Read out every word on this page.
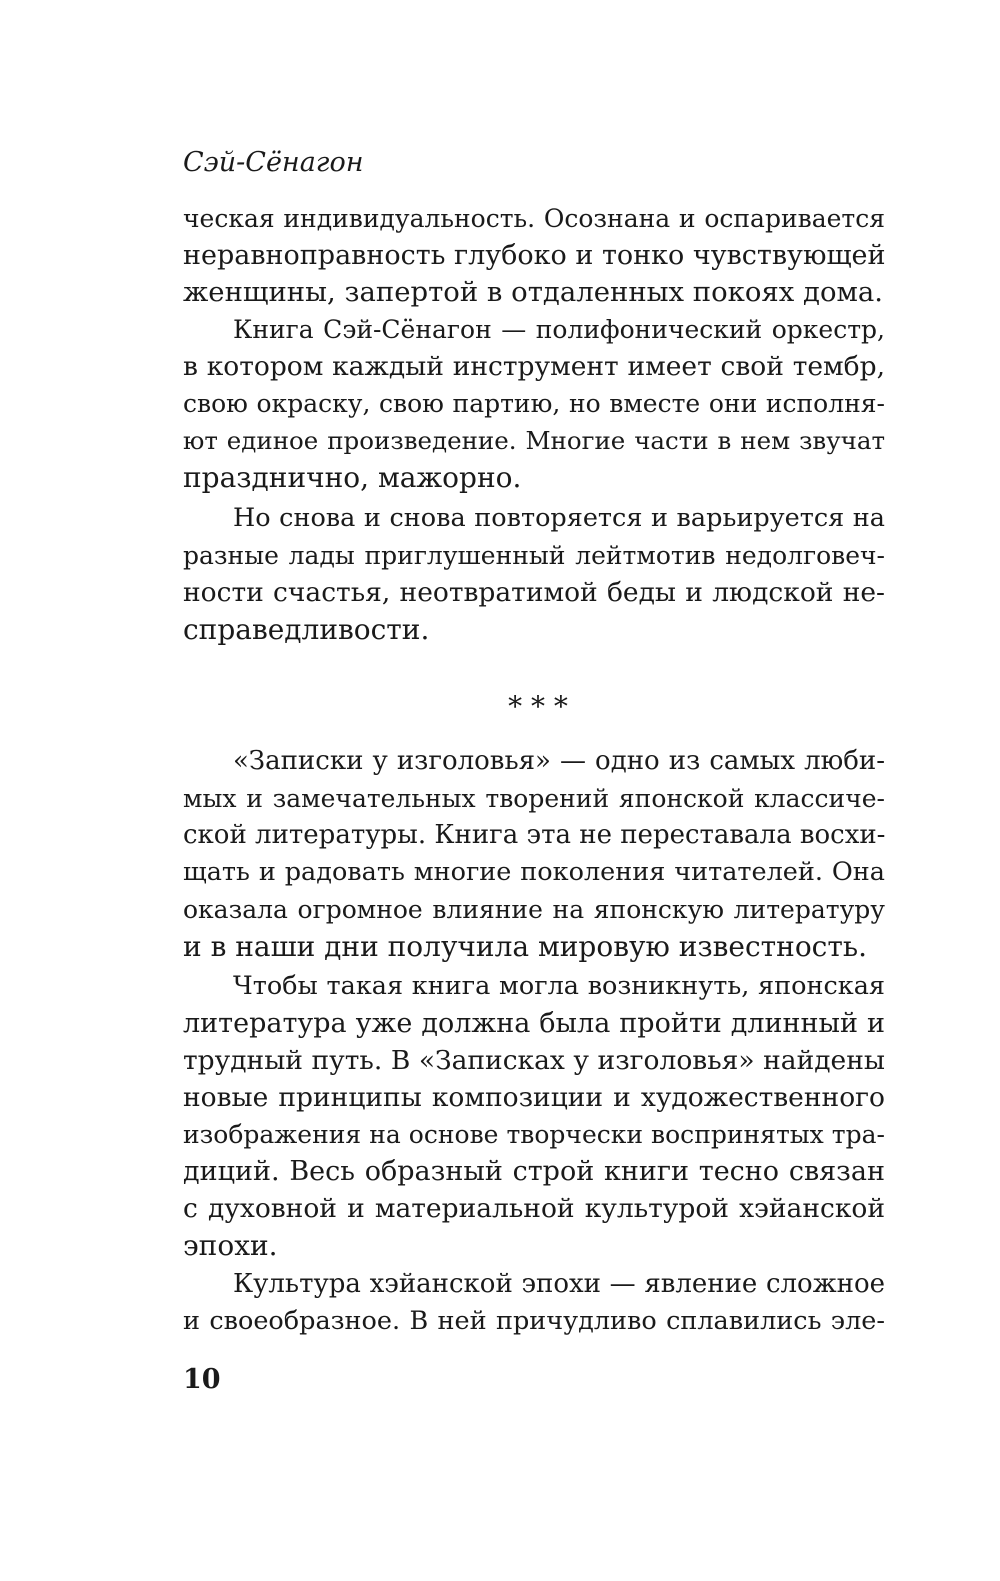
Сэй-Сёнагон
ческая индивидуальность. Осознана и оспаривается
неравноправность глубоко и тонко чувствующей
женщины, запертой в отдаленных покоях дома.
Книга Сэй-Сёнагон — полифонический оркестр,
в котором каждый инструмент имеет свой тембр,
свою окраску, свою партию, но вместе они исполня-
ют единое произведение. Многие части в нем звучат
празднично, мажорно.
Но снова и снова повторяется и варьируется на
разные лады приглушенный лейтмотив недолговеч-
ности счастья, неотвратимой беды и людской не-
справедливости.
* * *
«Записки у изголовья» — одно из самых люби-
мых и замечательных творений японской классиче-
ской литературы. Книга эта не переставала восхи-
щать и радовать многие поколения читателей. Она
оказала огромное влияние на японскую литературу
и в наши дни получила мировую известность.
Чтобы такая книга могла возникнуть, японская
литература уже должна была пройти длинный и
трудный путь. В «Записках у изголовья» найдены
новые принципы композиции и художественного
изображения на основе творчески воспринятых тра-
диций. Весь образный строй книги тесно связан
с духовной и материальной культурой хэйанской
эпохи.
Культура хэйанской эпохи — явление сложное
и своеобразное. В ней причудливо сплавились эле-
10
